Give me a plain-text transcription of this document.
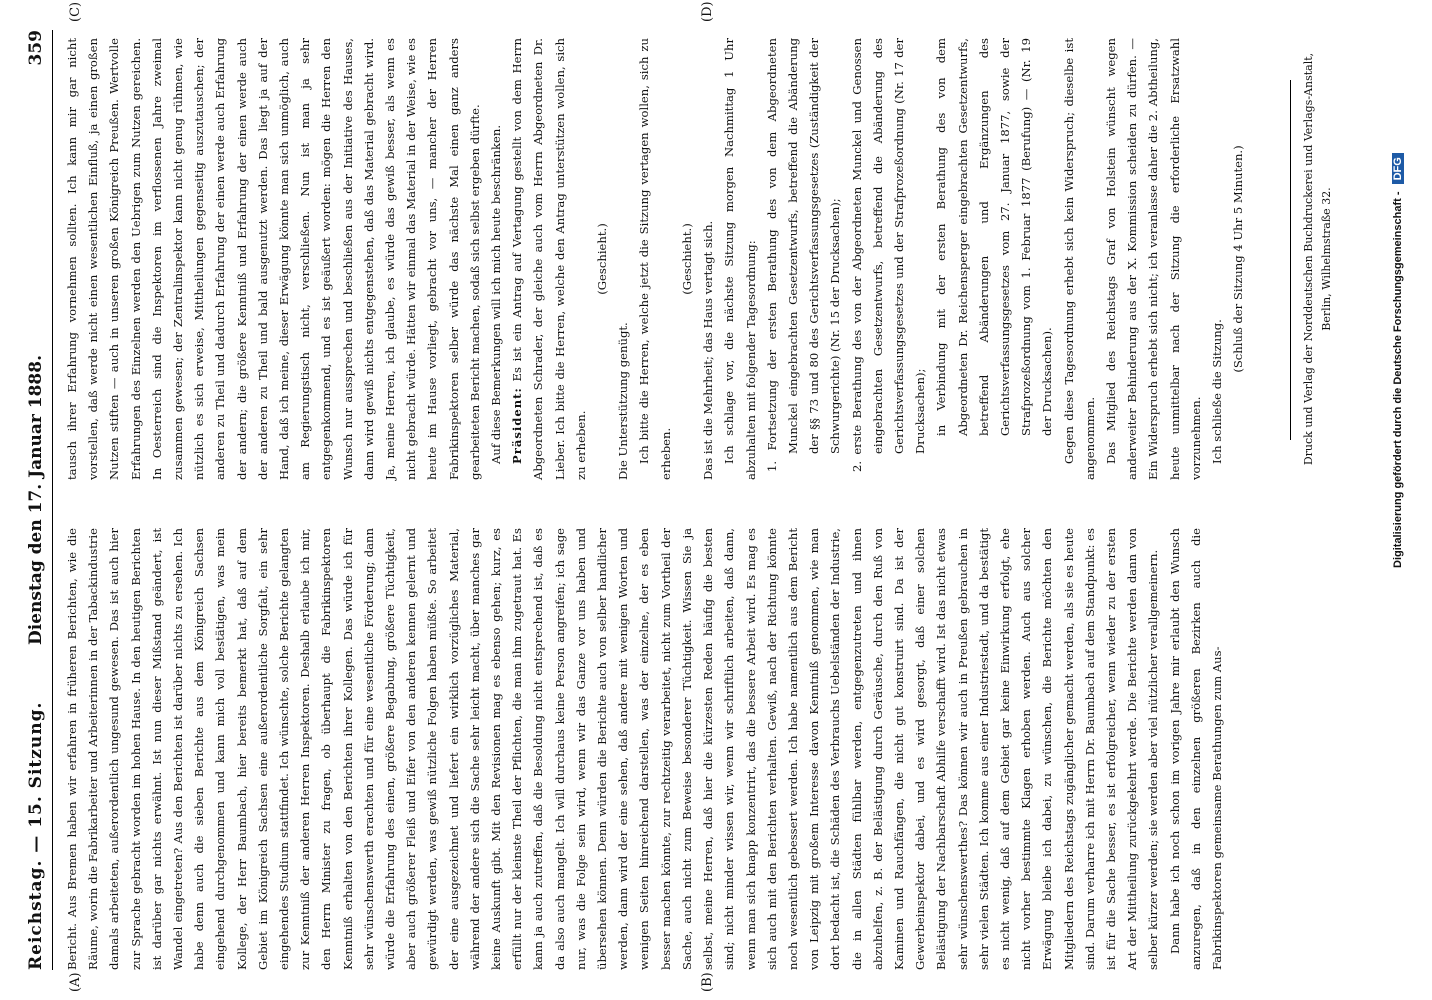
Reichstag. — 15. Sitzung.
Dienstag den 17. Januar 1888.
359
(A)	(B)
(C)	(D)

Bericht. Aus Bremen haben wir erfahren in früheren Berichten, wie die Räume, worin die Fabrikarbeiter und Arbeiterinnen in der Tabackindustrie damals arbeiteten, außerordentlich ungesund gewesen. Das ist auch hier zur Sprache gebracht worden im hohen Hause. In den heutigen Berichten ist darüber gar nichts erwähnt. Ist nun dieser Mißstand geändert, ist Wandel eingetreten? Aus den Berichten ist darüber nichts zu ersehen. Ich habe denn auch die sieben Berichte aus dem Königreich Sachsen eingehend durchgenommen und kann mich voll bestätigen, was mein Kollege, der Herr Baumbach, hier bereits bemerkt hat, daß auf dem Gebiet im Königreich Sachsen eine außerordentliche Sorgfalt, ein sehr eingehendes Studium stattfindet. Ich wünschte, solche Berichte gelangten zur Kenntniß der anderen Herren Inspektoren. Deshalb erlaube ich mir, den Herrn Minister zu fragen, ob überhaupt die Fabrikinspektoren Kenntniß erhalten von den Berichten ihrer Kollegen. Das würde ich für sehr wünschenswerth erachten und für eine wesentliche Förderung; dann würde die Erfahrung des einen, größere Begabung, größere Tüchtigkeit, aber auch größerer Fleiß und Eifer von den anderen kennen gelernt und gewürdigt werden, was gewiß nützliche Folgen haben müßte. So arbeitet der eine ausgezeichnet und liefert ein wirklich vorzügliches Material, während der andere sich die Sache sehr leicht macht, über manches gar keine Auskunft gibt. Mit den Revisionen mag es ebenso gehen; kurz, es erfüllt nur der kleinste Theil der Pflichten, die man ihm zugetraut hat. Es kann ja auch zutreffen, daß die Besoldung nicht entsprechend ist, daß es da also auch mangelt. Ich will durchaus keine Person angreifen; ich sage nur, was die Folge sein wird, wenn wir das Ganze vor uns haben und übersehen können. Denn würden die Berichte auch von selber handlicher werden, dann wird der eine sehen, daß andere mit wenigen Worten und wenigen Seiten hinreichend darstellen, was der einzelne, der es eben besser machen könnte, zur rechtzeitig verarbeitet, nicht zum Vortheil der Sache, auch nicht zum Beweise besonderer Tüchtigkeit. Wissen Sie ja selbst, meine Herren, daß hier die kürzesten Reden häufig die besten sind; nicht minder wissen wir, wenn wir schriftlich arbeiten, daß dann, wenn man sich knapp konzentrirt, das die bessere Arbeit wird. Es mag es sich auch mit den Berichten verhalten. Gewiß, nach der Richtung könnte noch wesentlich gebessert werden. Ich habe namentlich aus dem Bericht von Leipzig mit großem Interesse davon Kenntniß genommen, wie man dort bedacht ist, die Schäden des Verbrauchs Uebelständen der Industrie, die in allen Städten fühlbar werden, entgegenzutreten und ihnen abzuhelfen, z. B. der Belästigung durch Geräusche, durch den Ruß von Kaminen und Rauchfängen, die nicht gut konstruirt sind. Da ist der Gewerbeinspektor dabei, und es wird gesorgt, daß einer solchen Belästigung der Nachbarschaft Abhilfe verschafft wird. Ist das nicht etwas sehr wünschenswerthes? Das können wir auch in Preußen gebrauchen in sehr vielen Städten. Ich komme aus einer Industriestadt, und da bestätigt es nicht wenig, daß auf dem Gebiet gar keine Einwirkung erfolgt, ehe nicht vorher bestimmte Klagen erhoben werden. Auch aus solcher Erwägung bleibe ich dabei, zu wünschen, die Berichte möchten den Mitgliedern des Reichstags zugänglicher gemacht werden, als sie es heute sind. Darum verharre ich mit Herrn Dr. Baumbach auf dem Standpunkt: es ist für die Sache besser, es ist erfolgreicher, wenn wieder zu der ersten Art der Mittheilung zurückgekehrt werde. Die Berichte werden dann von selber kürzer werden; sie werden aber viel nützlicher verallgemeinern. Dann habe ich noch schon im vorigen Jahre mir erlaubt den Wunsch anzuregen, daß in den einzelnen größeren Bezirken auch die Fabrikinspektoren gemeinsame Berathungen zum Aus-

tausch ihrer Erfahrung vornehmen sollten. Ich kann mir gar nicht vorstellen, daß werde nicht einen wesentlichen Einfluß, ja einen großen Nutzen stiften — auch in unseren großen Königreich Preußen. Wertvolle Erfahrungen des Einzelnen werden den Uebrigen zum Nutzen gereichen. In Oesterreich sind die Inspektoren im verflossenen Jahre zweimal zusammen gewesen; der Zentralinspektor kann nicht genug rühmen, wie nützlich es sich erweise, Mittheilungen gegenseitig auszutauschen; der anderen zu Theil und dadurch Erfahrung der einen werde auch Erfahrung der andern; die größere Kenntniß und Erfahrung der einen werde auch der anderen zu Theil und bald ausgenutzt werden. Das liegt ja auf der Hand, daß ich meine, dieser Erwägung könnte man sich unmöglich, auch am Regierungstisch nicht, verschließen. Nun ist man ja sehr entgegenkommend, und es ist geäußert worden: mögen die Herren den Wunsch nur aussprechen und beschließen aus der Initiative des Hauses, dann wird gewiß nichts entgegenstehen, daß das Material gebracht wird. Ja, meine Herren, ich glaube, es würde das gewiß besser, als wenn es nicht gebracht würde. Hätten wir einmal das Material in der Weise, wie es heute im Hause vorliegt, gebracht vor uns, — mancher der Herren Fabrikinspektoren selber würde das nächste Mal einen ganz anders gearbeiteten Bericht machen, sodaß sich selbst ergeben dürfte. Auf diese Bemerkungen will ich mich heute beschränken. Präsident: Es ist ein Antrag auf Vertagung gestellt von dem Herrn Abgeordneten Schrader, der gleiche auch vom Herrn Abgeordneten Dr. Lieber. Ich bitte die Herren, welche den Antrag unterstützen wollen, sich zu erheben.

(Geschieht.)

Die Unterstützung genügt. Ich bitte die Herren, welche jetzt die Sitzung vertagen wollen, sich zu erheben.

(Geschieht.) Das ist die Mehrheit; das Haus vertagt sich. Ich schlage vor, die nächste Sitzung morgen Nachmittag 1 Uhr abzuhalten mit folgender Tagesordnung: 1. Fortsetzung der ersten Berathung des von dem Abgeordneten Munckel eingebrachten Gesetzentwurfs, betreffend die Abänderung der §§ 73 und 80 des Gerichtsverfassungsgesetzes (Zuständigkeit der Schwurgerichte) (Nr. 15 der Drucksachen); 2. erste Berathung des von der Abgeordneten Munckel und Genossen eingebrachten Gesetzentwurfs, betreffend die Abänderung des Gerichtsverfassungsgesetzes und der Strafprozeßordnung (Nr. 17 der Drucksachen); in Verbindung mit der ersten Berathung des von dem Abgeordneten Dr. Reichensperger eingebrachten Gesetzentwurfs, betreffend Abänderungen und Ergänzungen des Gerichtsverfassungsgesetzes vom 27. Januar 1877, sowie der Strafprozeßordnung vom 1. Februar 1877 (Berufung) — (Nr. 19 der Drucksachen). Gegen diese Tagesordnung erhebt sich kein Widerspruch; dieselbe ist angenommen. Das Mitglied des Reichstags Graf von Holstein wünscht wegen anderweiter Behinderung aus der X. Kommission scheiden zu dürfen. — Ein Widerspruch erhebt sich nicht; ich veranlasse daher die 2. Abtheilung, heute unmittelbar nach der Sitzung die erforderliche Ersatzwahl vorzunehmen. Ich schließe die Sitzung.

(Schluß der Sitzung 4 Uhr 5 Minuten.)	Druck und Verlag der Norddeutschen Buchdruckerei und Verlags-Anstalt, Berlin, Wilhelmstraße 32.	Digitalisierung gefördert durch die Deutsche Forschungsgemeinschaft - DFG
